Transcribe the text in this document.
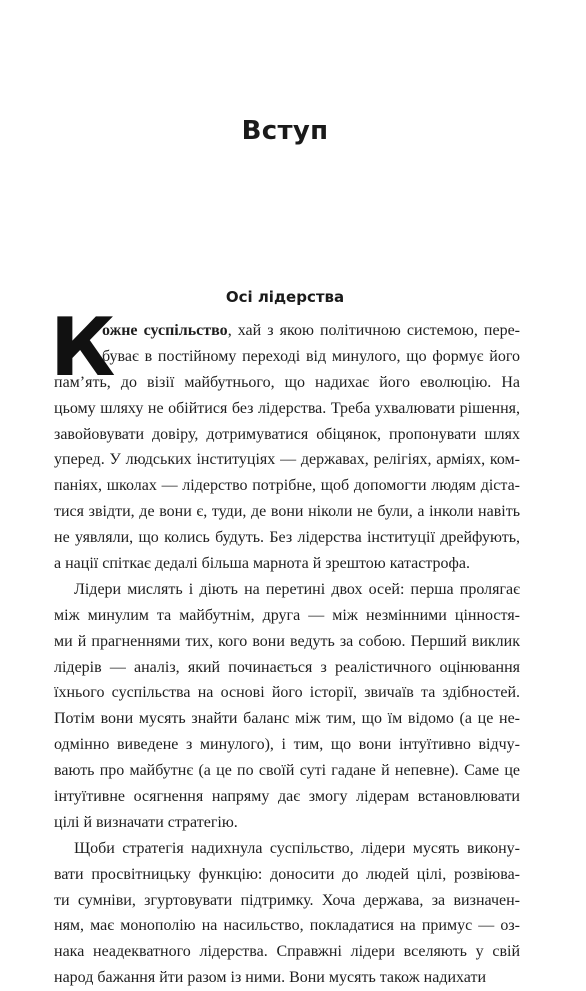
Вступ
Осі лідерства
К
ожне суспільство, хай з якою політичною системою, пере-
буває в постійному переході від минулого, що формує його
пам’ять, до візії майбутнього, що надихає його еволюцію. На
цьому шляху не обійтися без лідерства. Треба ухвалювати рішення,
завойовувати довіру, дотримуватися обіцянок, пропонувати шлях
уперед. У людських інституціях — державах, релігіях, арміях, ком-
паніях, школах — лідерство потрібне, щоб допомогти людям діста-
тися звідти, де вони є, туди, де вони ніколи не були, а інколи навіть
не уявляли, що колись будуть. Без лідерства інституції дрейфують,
а нації спіткає дедалі більша марнота й зрештою катастрофа.
Лідери мислять і діють на перетині двох осей: перша пролягає
між минулим та майбутнім, друга — між незмінними цінностя-
ми й прагненнями тих, кого вони ведуть за собою. Перший виклик
лідерів — аналіз, який починається з реалістичного оцінювання
їхнього суспільства на основі його історії, звичаїв та здібностей.
Потім вони мусять знайти баланс між тим, що їм відомо (а це не-
одмінно виведене з минулого), і тим, що вони інтуїтивно відчу-
вають про майбутнє (а це по своїй суті гадане й непевне). Саме це
інтуїтивне осягнення напряму дає змогу лідерам встановлювати
цілі й визначати стратегію.
Щоби стратегія надихнула суспільство, лідери мусять викону-
вати просвітницьку функцію: доносити до людей цілі, розвіюва-
ти сумніви, згуртовувати підтримку. Хоча держава, за визначен-
ням, має монополію на насильство, покладатися на примус — оз-
нака неадекватного лідерства. Справжні лідери вселяють у свій
народ бажання йти разом із ними. Вони мусять також надихати
